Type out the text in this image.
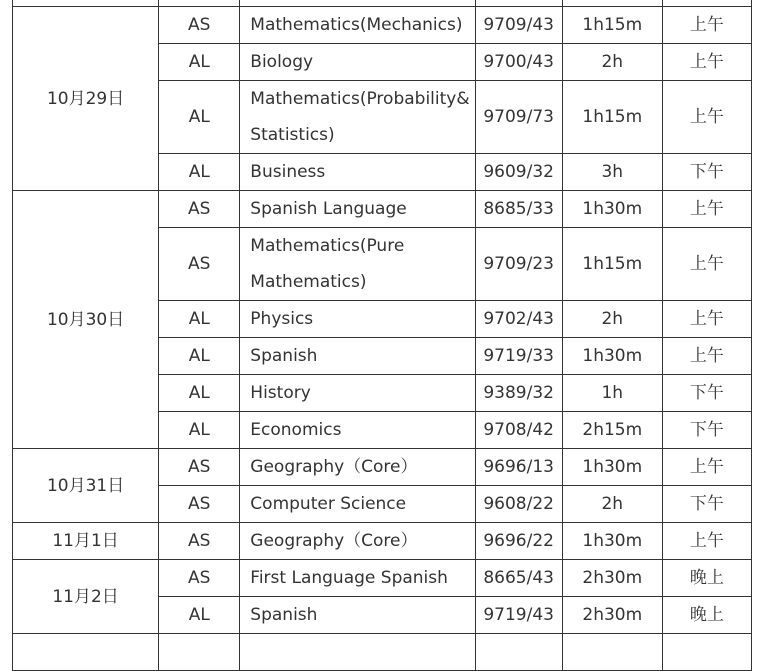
10月29日	AS	Mathematics(Mechanics)	9709/43	1h15m	上午
	AL	Biology	9700/43	2h	上午
	AL	Mathematics(Probability&
Statistics)	9709/73	1h15m	上午
	AL	Business	9609/32	3h	下午
10月30日	AS	Spanish Language	8685/33	1h30m	上午
	AS	Mathematics(Pure
Mathematics)	9709/23	1h15m	上午
	AL	Physics	9702/43	2h	上午
	AL	Spanish	9719/33	1h30m	上午
	AL	History	9389/32	1h	下午
	AL	Economics	9708/42	2h15m	下午
10月31日	AS	Geography（Core）	9696/13	1h30m	上午
	AS	Computer Science	9608/22	2h	下午
11月1日	AS	Geography（Core）	9696/22	1h30m	上午
11月2日	AS	First Language Spanish	8665/43	2h30m	晚上
	AL	Spanish	9719/43	2h30m	晚上
